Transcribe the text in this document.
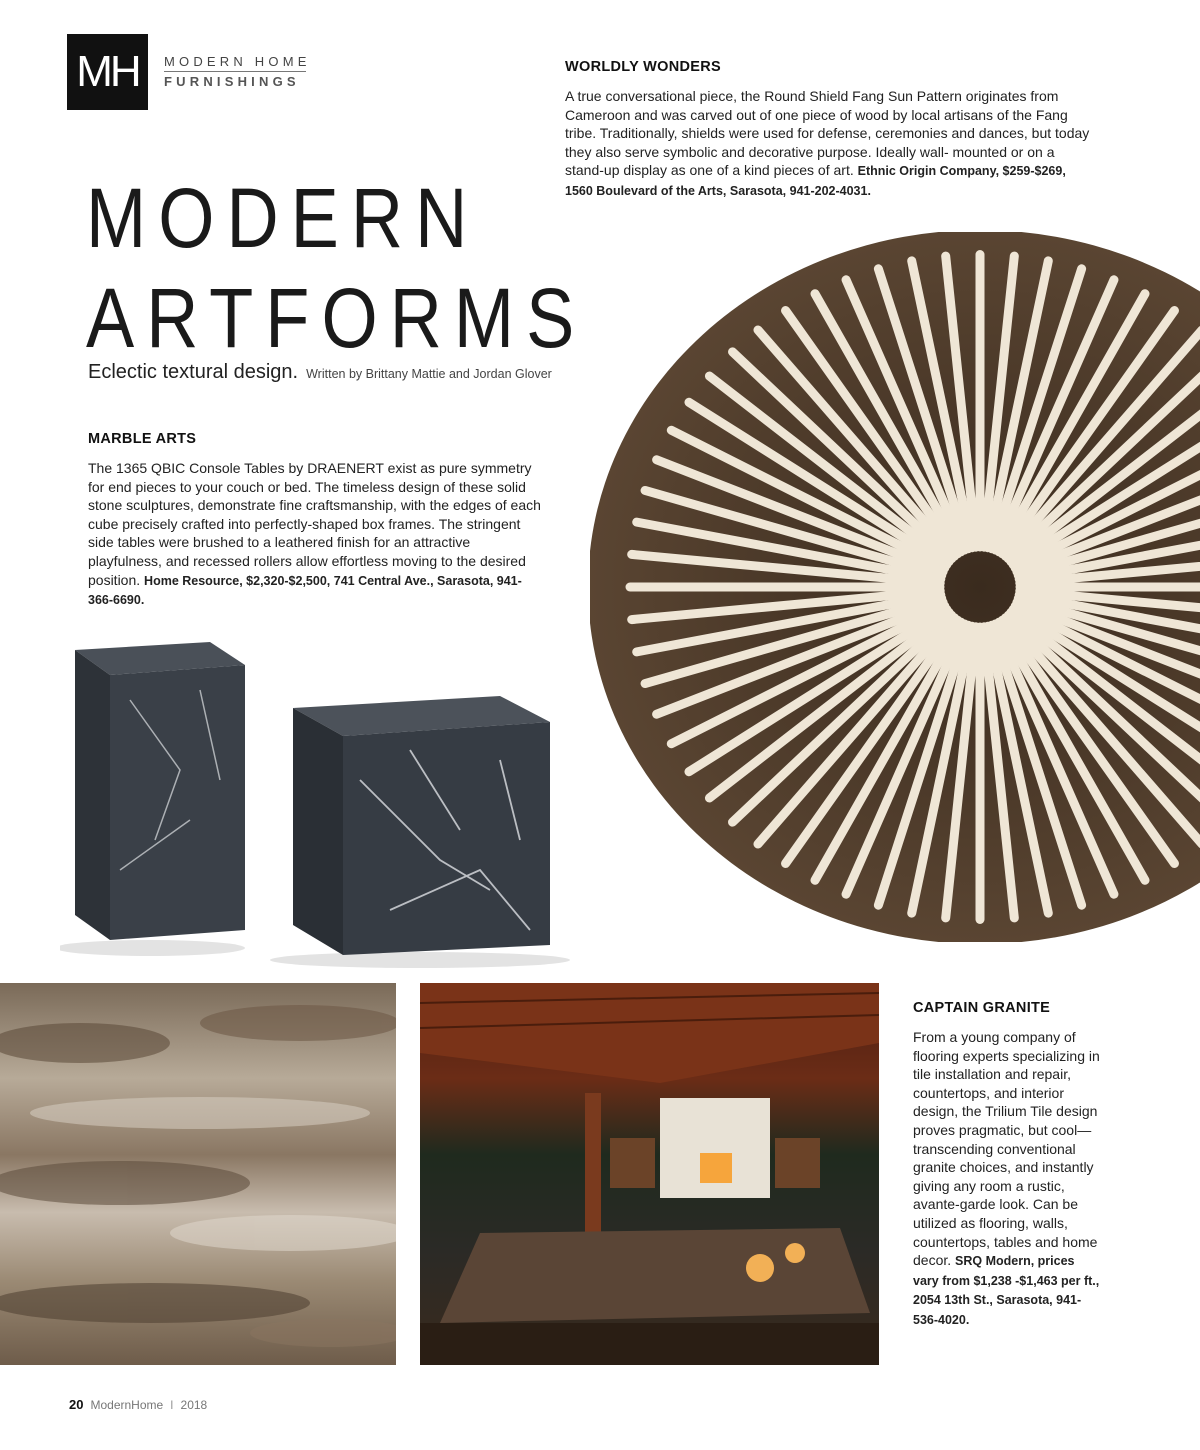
MH	MODERN HOME
FURNISHINGS
MODERN
ARTFORMS
Eclectic textural design. Written by Brittany Mattie and Jordan Glover
WORLDLY WONDERS

A true conversational piece, the Round Shield Fang Sun Pattern originates from Cameroon and was carved out of one piece of wood by local artisans of the Fang tribe. Traditionally, shields were used for defense, ceremonies and dances, but today they also serve symbolic and decorative purpose. Ideally wall- mounted or on a stand-up display as one of a kind pieces of art. Ethnic Origin Company, $259-$269, 1560 Boulevard of the Arts, Sarasota, 941-202-4031.

MARBLE ARTS

The 1365 QBIC Console Tables by DRAENERT exist as pure symmetry for end pieces to your couch or bed. The timeless design of these solid stone sculptures, demonstrate fine craftsmanship, with the edges of each cube precisely crafted into perfectly-shaped box frames. The stringent side tables were brushed to a leathered finish for an attractive playfulness, and recessed rollers allow effortless moving to the desired position. Home Resource, $2,320-$2,500, 741 Central Ave., Sarasota, 941-366-6690.

CAPTAIN GRANITE

From a young company of flooring experts specializing in tile installation and repair, countertops, and interior design, the Trilium Tile design proves pragmatic, but cool—transcending conventional granite choices, and instantly giving any room a rustic, avante-garde look. Can be utilized as flooring, walls, countertops, tables and home decor. SRQ Modern, prices vary from $1,238 -$1,463 per ft., 2054 13th St., Sarasota, 941-536-4020.

20 ModernHome I 2018
